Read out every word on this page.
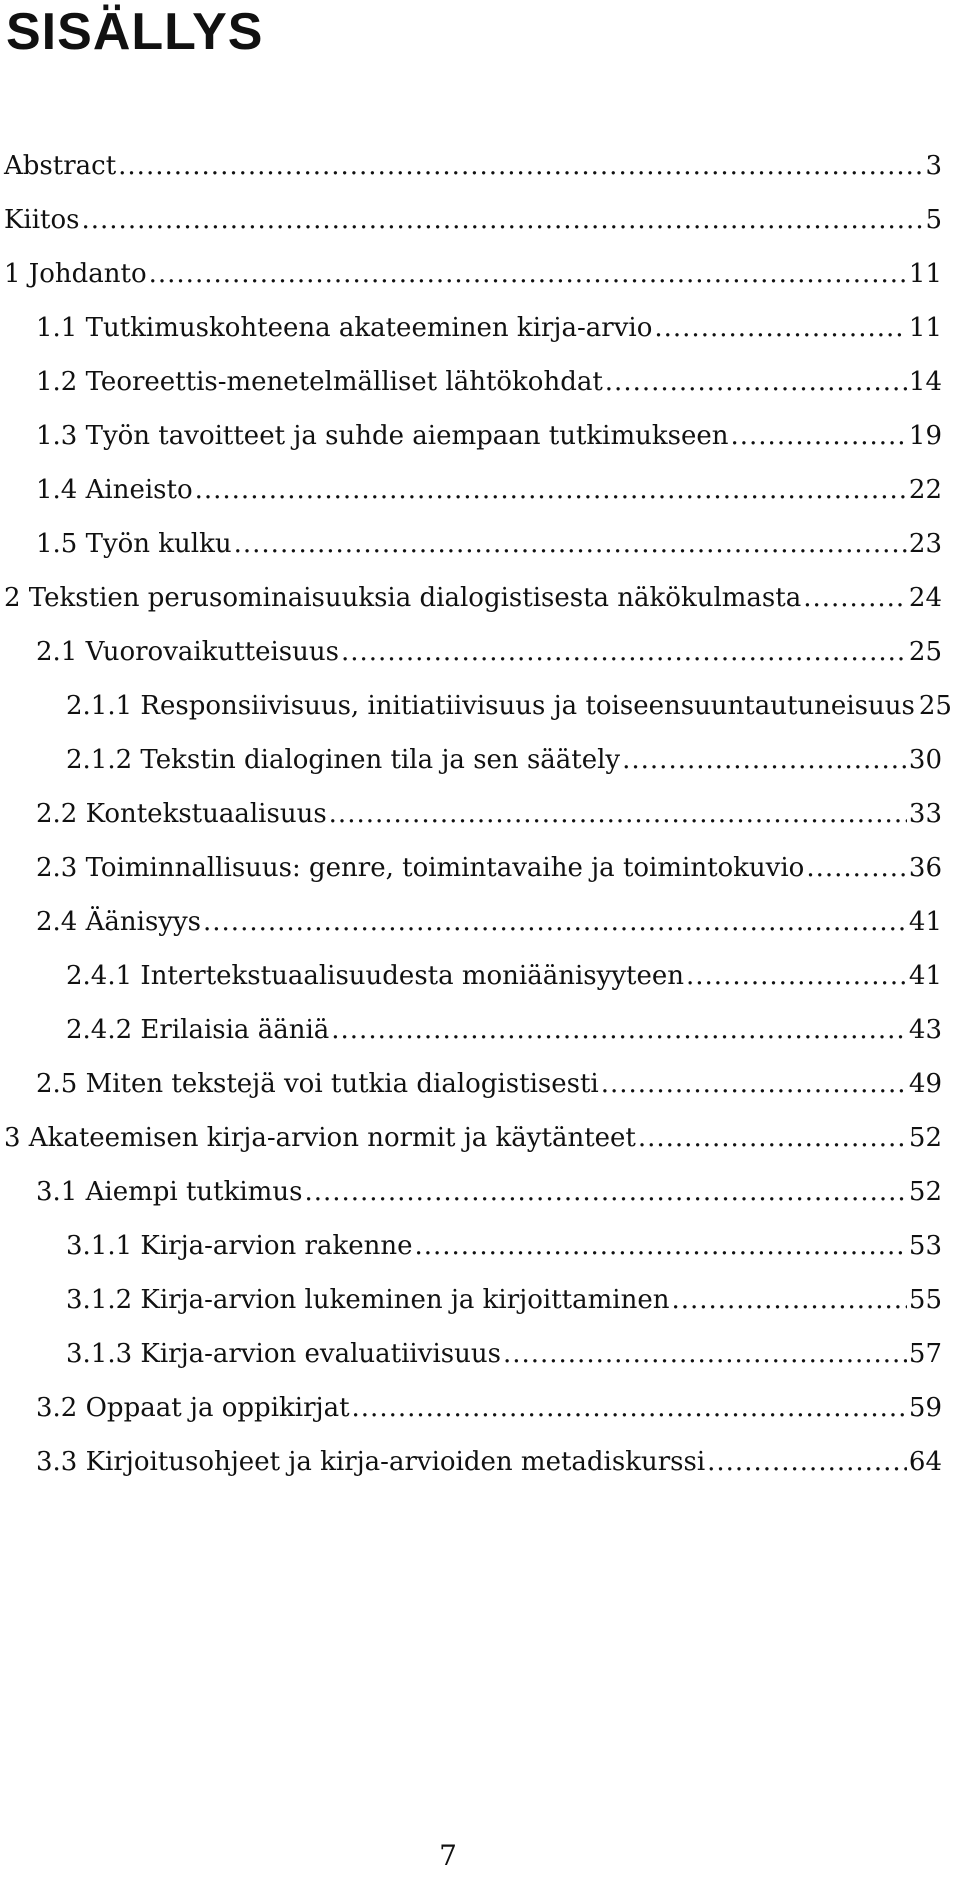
SISÄLLYS
Abstract .....	3
Kiitos .....	5
1 Johdanto .....	11
1.1 Tutkimuskohteena akateeminen kirja-arvio .....	11
1.2 Teoreettis-menetelmälliset lähtökohdat .....	14
1.3 Työn tavoitteet ja suhde aiempaan tutkimukseen .....	19
1.4 Aineisto .....	22
1.5 Työn kulku .....	23
2 Tekstien perusominaisuuksia dialogistisesta näkökulmasta .....	24
2.1 Vuorovaikutteisuus .....	25
2.1.1 Responsiivisuus, initiatiivisuus ja toiseensuuntautuneisuus 25
2.1.2 Tekstin dialoginen tila ja sen säätely .....	30
2.2 Kontekstuaalisuus .....	33
2.3 Toiminnallisuus: genre, toimintavaihe ja toimintokuvio .....	36
2.4 Äänisyys .....	41
2.4.1 Intertekstuaalisuudesta moniäänisyyteen .....	41
2.4.2 Erilaisia ääniä .....	43
2.5 Miten tekstejä voi tutkia dialogistisesti .....	49
3 Akateemisen kirja-arvion normit ja käytänteet .....	52
3.1 Aiempi tutkimus .....	52
3.1.1 Kirja-arvion rakenne .....	53
3.1.2 Kirja-arvion lukeminen ja kirjoittaminen .....	55
3.1.3 Kirja-arvion evaluatiivisuus .....	57
3.2 Oppaat ja oppikirjat .....	59
3.3 Kirjoitusohjeet ja kirja-arvioiden metadiskurssi .....	64
7
